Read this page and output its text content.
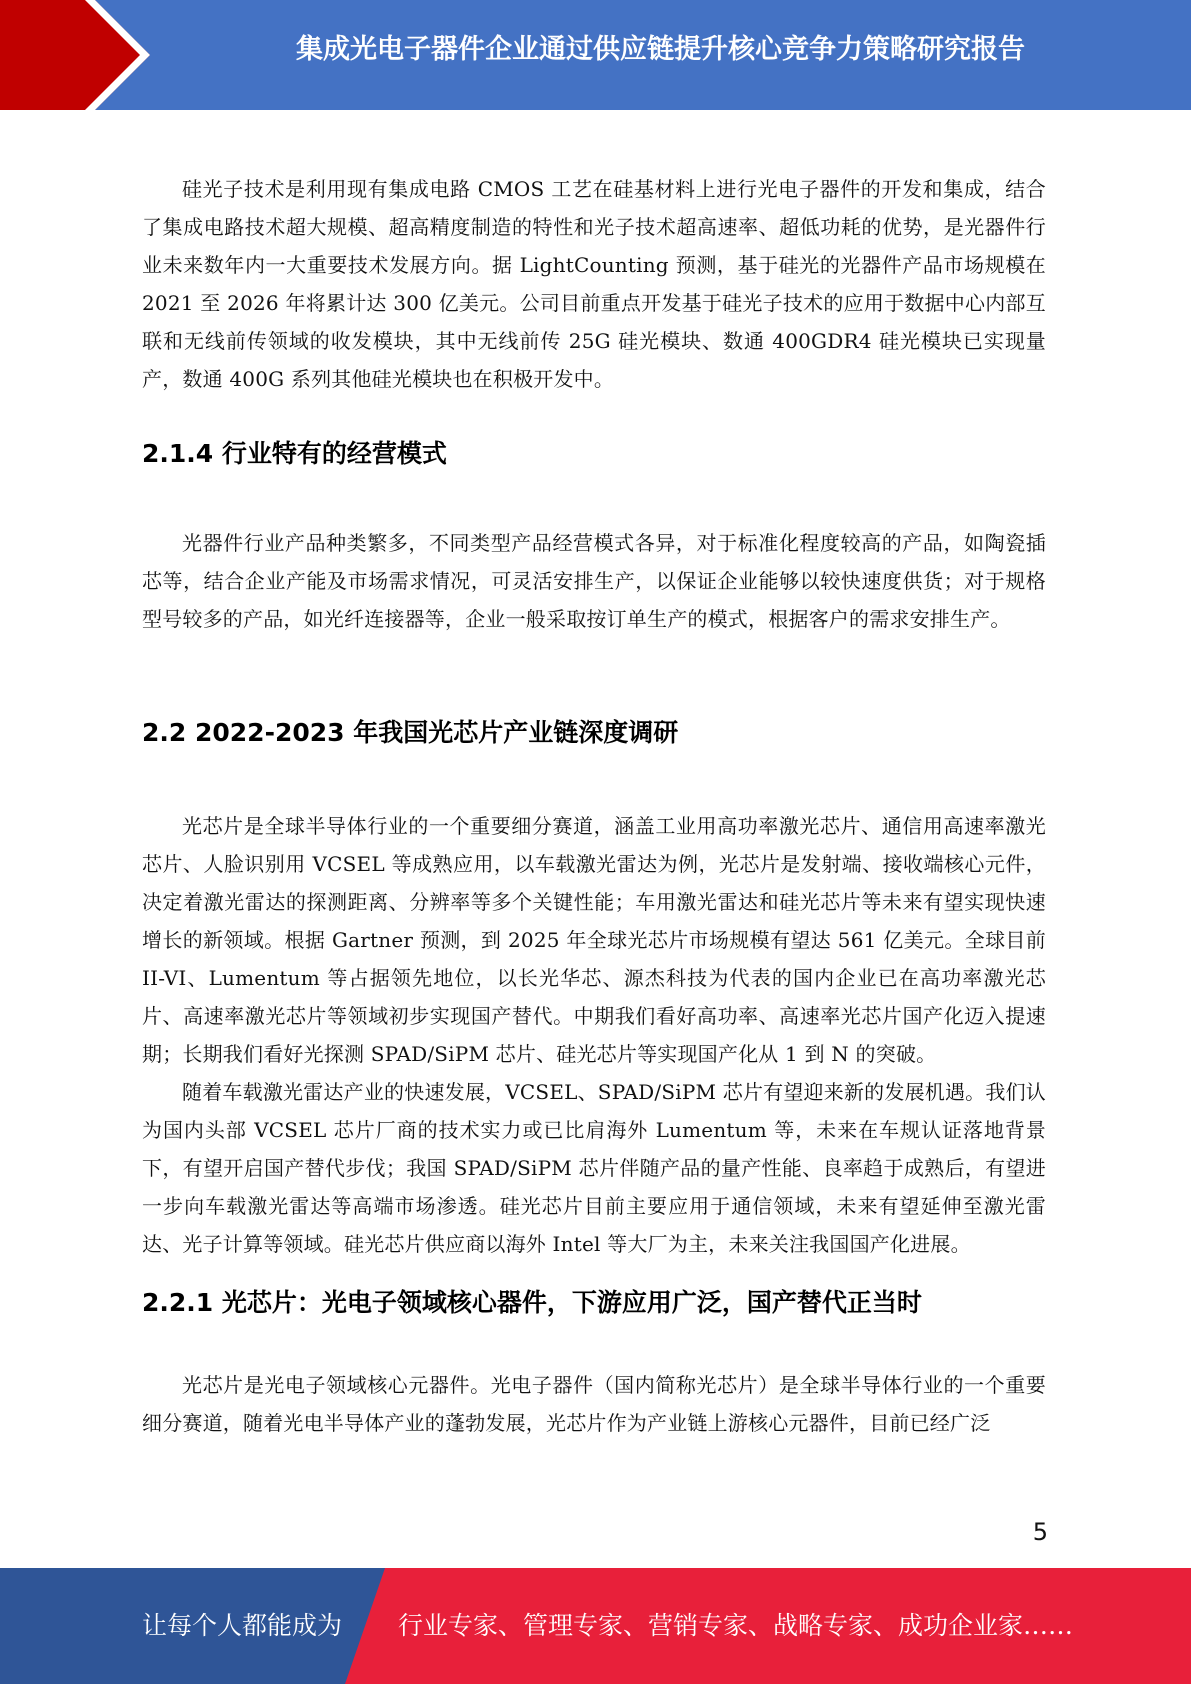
集成光电子器件企业通过供应链提升核心竞争力策略研究报告

硅光子技术是利用现有集成电路 CMOS 工艺在硅基材料上进行光电子器件的开发和集成，结合了集成电路技术超大规模、超高精度制造的特性和光子技术超高速率、超低功耗的优势，是光器件行业未来数年内一大重要技术发展方向。据 LightCounting 预测，基于硅光的光器件产品市场规模在 2021 至 2026 年将累计达 300 亿美元。公司目前重点开发基于硅光子技术的应用于数据中心内部互联和无线前传领域的收发模块，其中无线前传 25G 硅光模块、数通 400GDR4 硅光模块已实现量产，数通 400G 系列其他硅光模块也在积极开发中。

2.1.4 行业特有的经营模式

光器件行业产品种类繁多，不同类型产品经营模式各异，对于标准化程度较高的产品，如陶瓷插芯等，结合企业产能及市场需求情况，可灵活安排生产，以保证企业能够以较快速度供货；对于规格型号较多的产品，如光纤连接器等，企业一般采取按订单生产的模式，根据客户的需求安排生产。

2.2 2022-2023 年我国光芯片产业链深度调研

光芯片是全球半导体行业的一个重要细分赛道，涵盖工业用高功率激光芯片、通信用高速率激光芯片、人脸识别用 VCSEL 等成熟应用，以车载激光雷达为例，光芯片是发射端、接收端核心元件，决定着激光雷达的探测距离、分辨率等多个关键性能；车用激光雷达和硅光芯片等未来有望实现快速增长的新领域。根据 Gartner 预测，到 2025 年全球光芯片市场规模有望达 561 亿美元。全球目前 II-VI、Lumentum 等占据领先地位，以长光华芯、源杰科技为代表的国内企业已在高功率激光芯片、高速率激光芯片等领域初步实现国产替代。中期我们看好高功率、高速率光芯片国产化迈入提速期；长期我们看好光探测 SPAD/SiPM 芯片、硅光芯片等实现国产化从 1 到 N 的突破。

随着车载激光雷达产业的快速发展，VCSEL、SPAD/SiPM 芯片有望迎来新的发展机遇。我们认为国内头部 VCSEL 芯片厂商的技术实力或已比肩海外 Lumentum 等，未来在车规认证落地背景下，有望开启国产替代步伐；我国 SPAD/SiPM 芯片伴随产品的量产性能、良率趋于成熟后，有望进一步向车载激光雷达等高端市场渗透。硅光芯片目前主要应用于通信领域，未来有望延伸至激光雷达、光子计算等领域。硅光芯片供应商以海外 Intel 等大厂为主，未来关注我国国产化进展。

2.2.1 光芯片：光电子领域核心器件，下游应用广泛，国产替代正当时

光芯片是光电子领域核心元器件。光电子器件（国内简称光芯片）是全球半导体行业的一个重要细分赛道，随着光电半导体产业的蓬勃发展，光芯片作为产业链上游核心元器件，目前已经广泛

5
让每个人都能成为 行业专家、管理专家、营销专家、战略专家、成功企业家……
